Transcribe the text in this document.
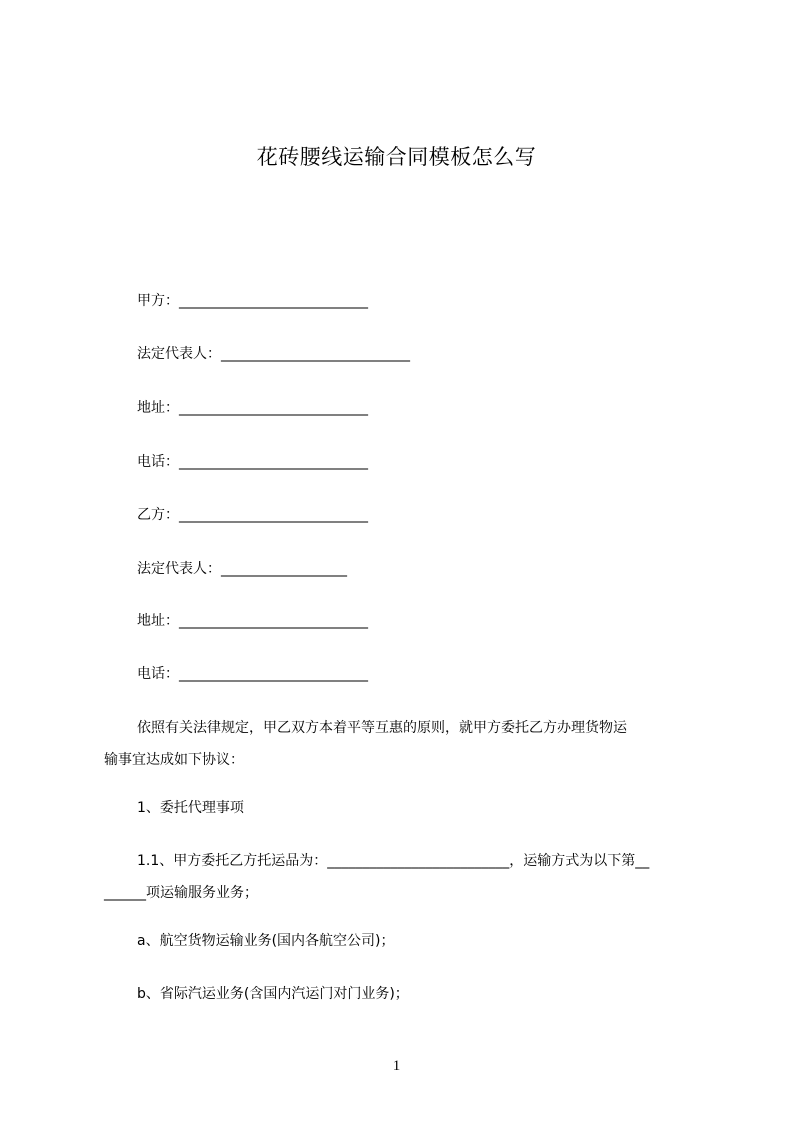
花砖腰线运输合同模板怎么写
甲方：___________________________
法定代表人：___________________________
地址：___________________________
电话：___________________________
乙方：___________________________
法定代表人：__________________
地址：___________________________
电话：___________________________
依照有关法律规定，甲乙双方本着平等互惠的原则，就甲方委托乙方办理货物运
输事宜达成如下协议：
1、委托代理事项
1.1、甲方委托乙方托运品为：__________________________，运输方式为以下第__
______项运输服务业务；
a、航空货物运输业务(国内各航空公司)；
b、省际汽运业务(含国内汽运门对门业务)；
1
